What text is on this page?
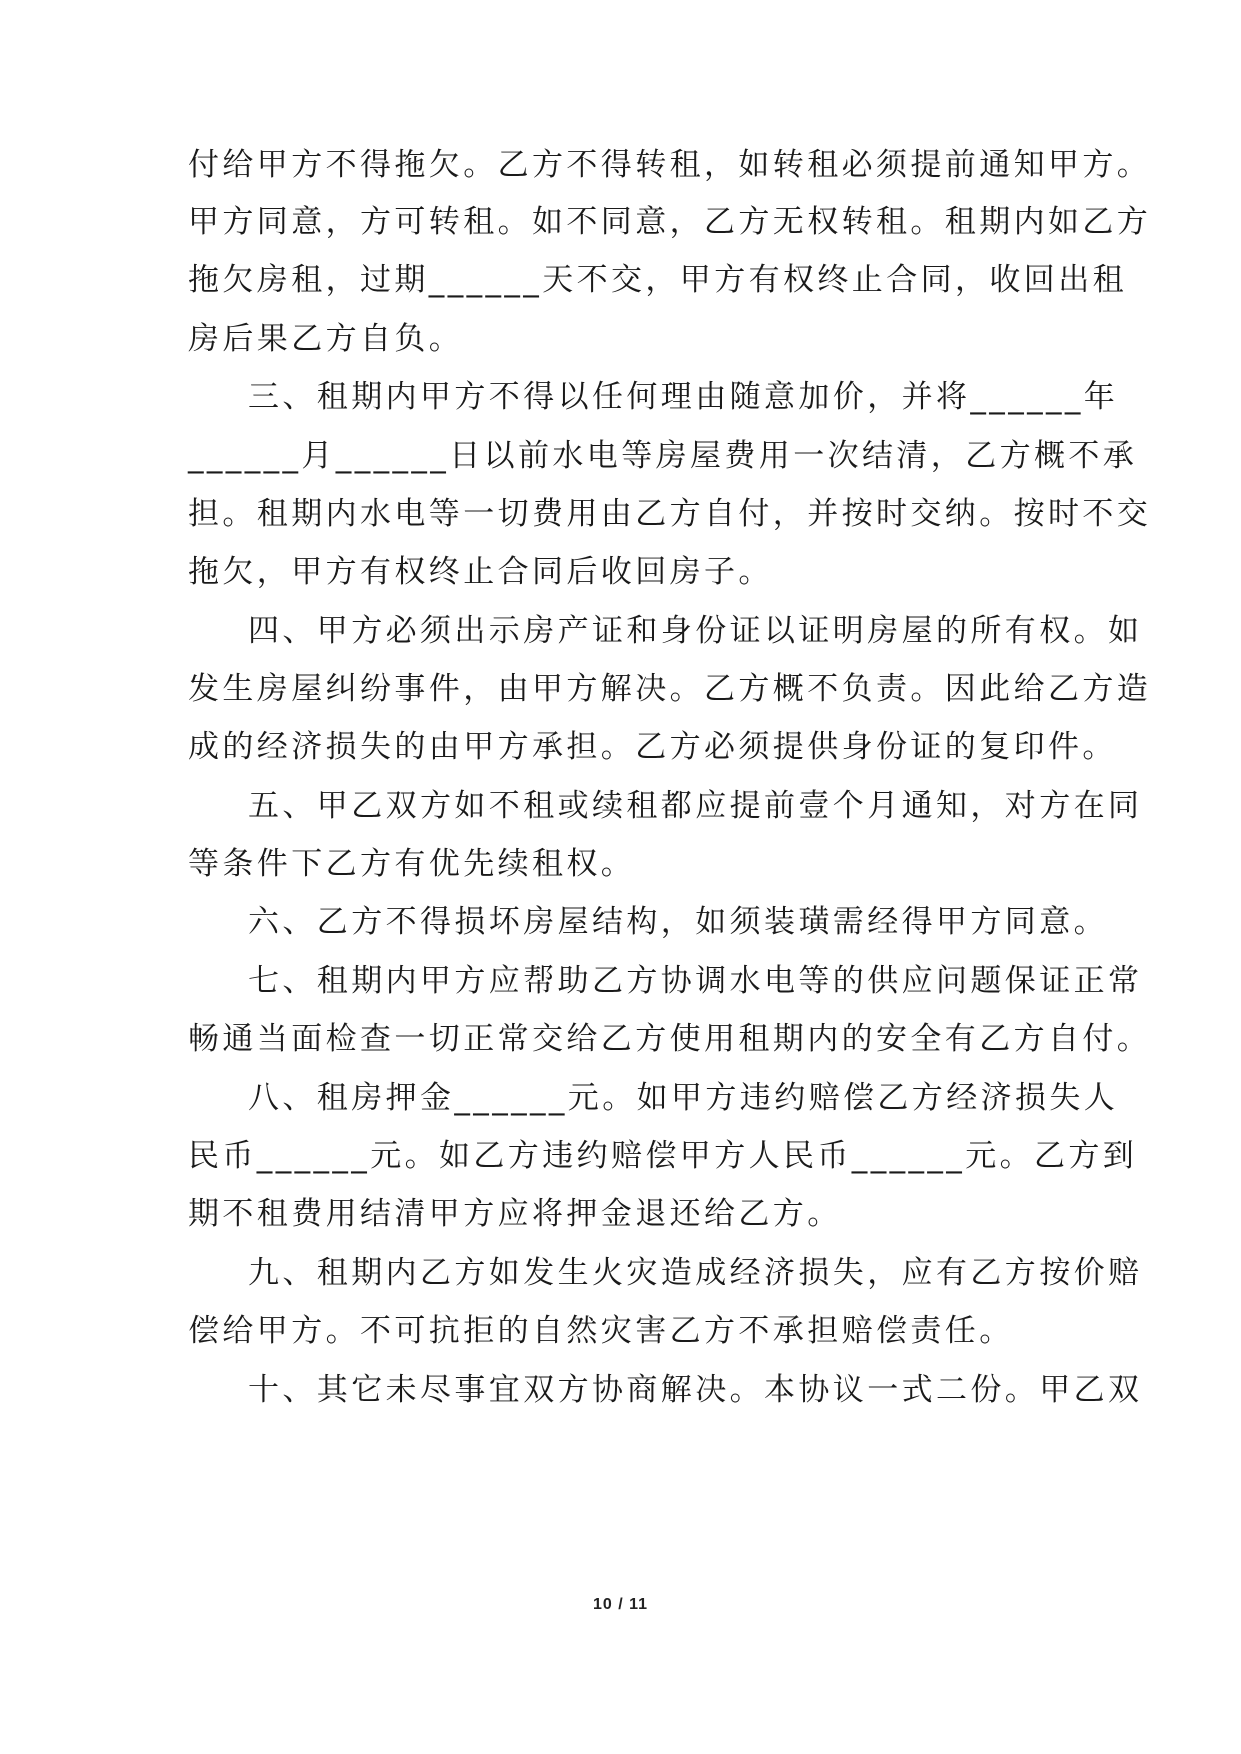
付给甲方不得拖欠。乙方不得转租，如转租必须提前通知甲方。
甲方同意，方可转租。如不同意，乙方无权转租。租期内如乙方
拖欠房租，过期______天不交，甲方有权终止合同，收回出租
房后果乙方自负。
三、租期内甲方不得以任何理由随意加价，并将______年
______月______日以前水电等房屋费用一次结清，乙方概不承
担。租期内水电等一切费用由乙方自付，并按时交纳。按时不交
拖欠，甲方有权终止合同后收回房子。
四、甲方必须出示房产证和身份证以证明房屋的所有权。如
发生房屋纠纷事件，由甲方解决。乙方概不负责。因此给乙方造
成的经济损失的由甲方承担。乙方必须提供身份证的复印件。
五、甲乙双方如不租或续租都应提前壹个月通知，对方在同
等条件下乙方有优先续租权。
六、乙方不得损坏房屋结构，如须装璜需经得甲方同意。
七、租期内甲方应帮助乙方协调水电等的供应问题保证正常
畅通当面检查一切正常交给乙方使用租期内的安全有乙方自付。
八、租房押金______元。如甲方违约赔偿乙方经济损失人
民币______元。如乙方违约赔偿甲方人民币______元。乙方到
期不租费用结清甲方应将押金退还给乙方。
九、租期内乙方如发生火灾造成经济损失，应有乙方按价赔
偿给甲方。不可抗拒的自然灾害乙方不承担赔偿责任。
十、其它未尽事宜双方协商解决。本协议一式二份。甲乙双
10 / 11
